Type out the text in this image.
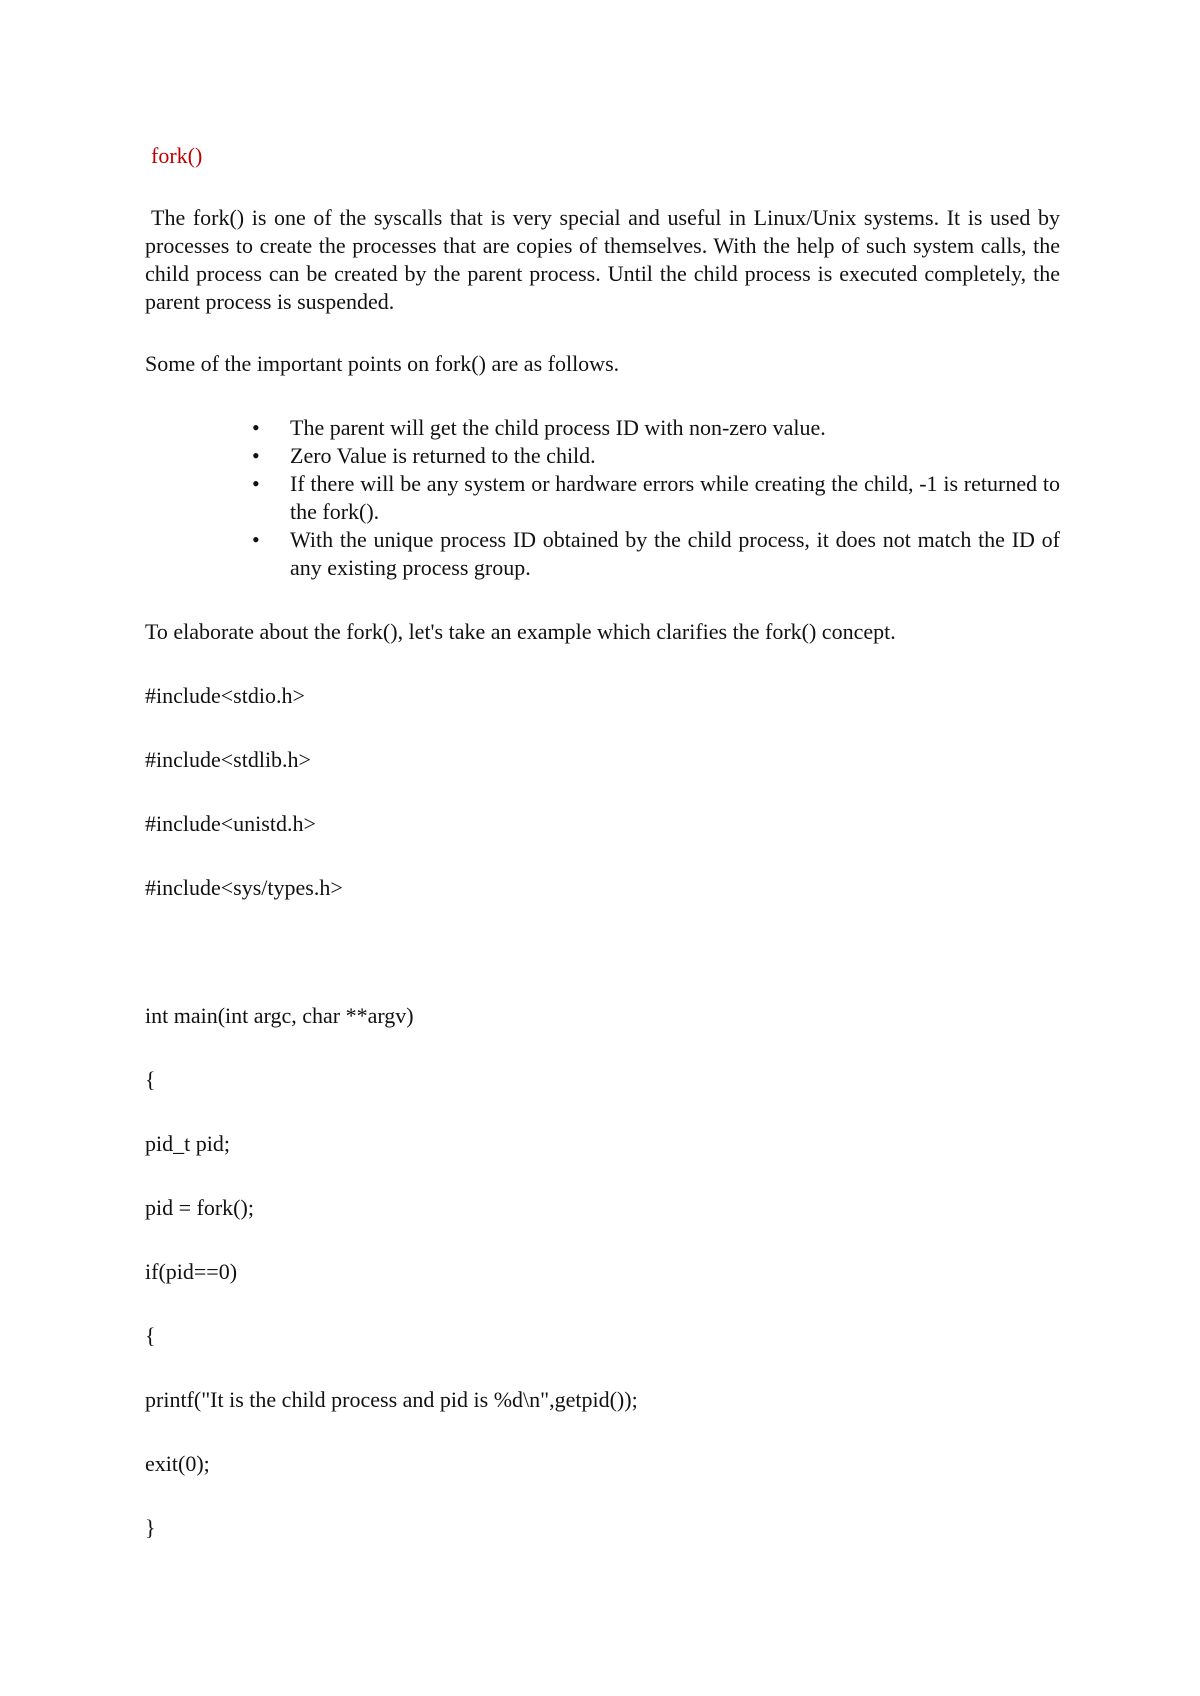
fork()

The fork() is one of the syscalls that is very special and useful in Linux/Unix systems. It is used by processes to create the processes that are copies of themselves. With the help of such system calls, the child process can be created by the parent process. Until the child process is executed completely, the parent process is suspended.

Some of the important points on fork() are as follows.

• The parent will get the child process ID with non-zero value.
• Zero Value is returned to the child.
• If there will be any system or hardware errors while creating the child, -1 is returned to the fork().
• With the unique process ID obtained by the child process, it does not match the ID of any existing process group.

To elaborate about the fork(), let's take an example which clarifies the fork() concept.

#include<stdio.h>

#include<stdlib.h>

#include<unistd.h>

#include<sys/types.h>

int main(int argc, char **argv)

{

pid_t pid;

pid = fork();

if(pid==0)

{

printf("It is the child process and pid is %d\n",getpid());

exit(0);

}
